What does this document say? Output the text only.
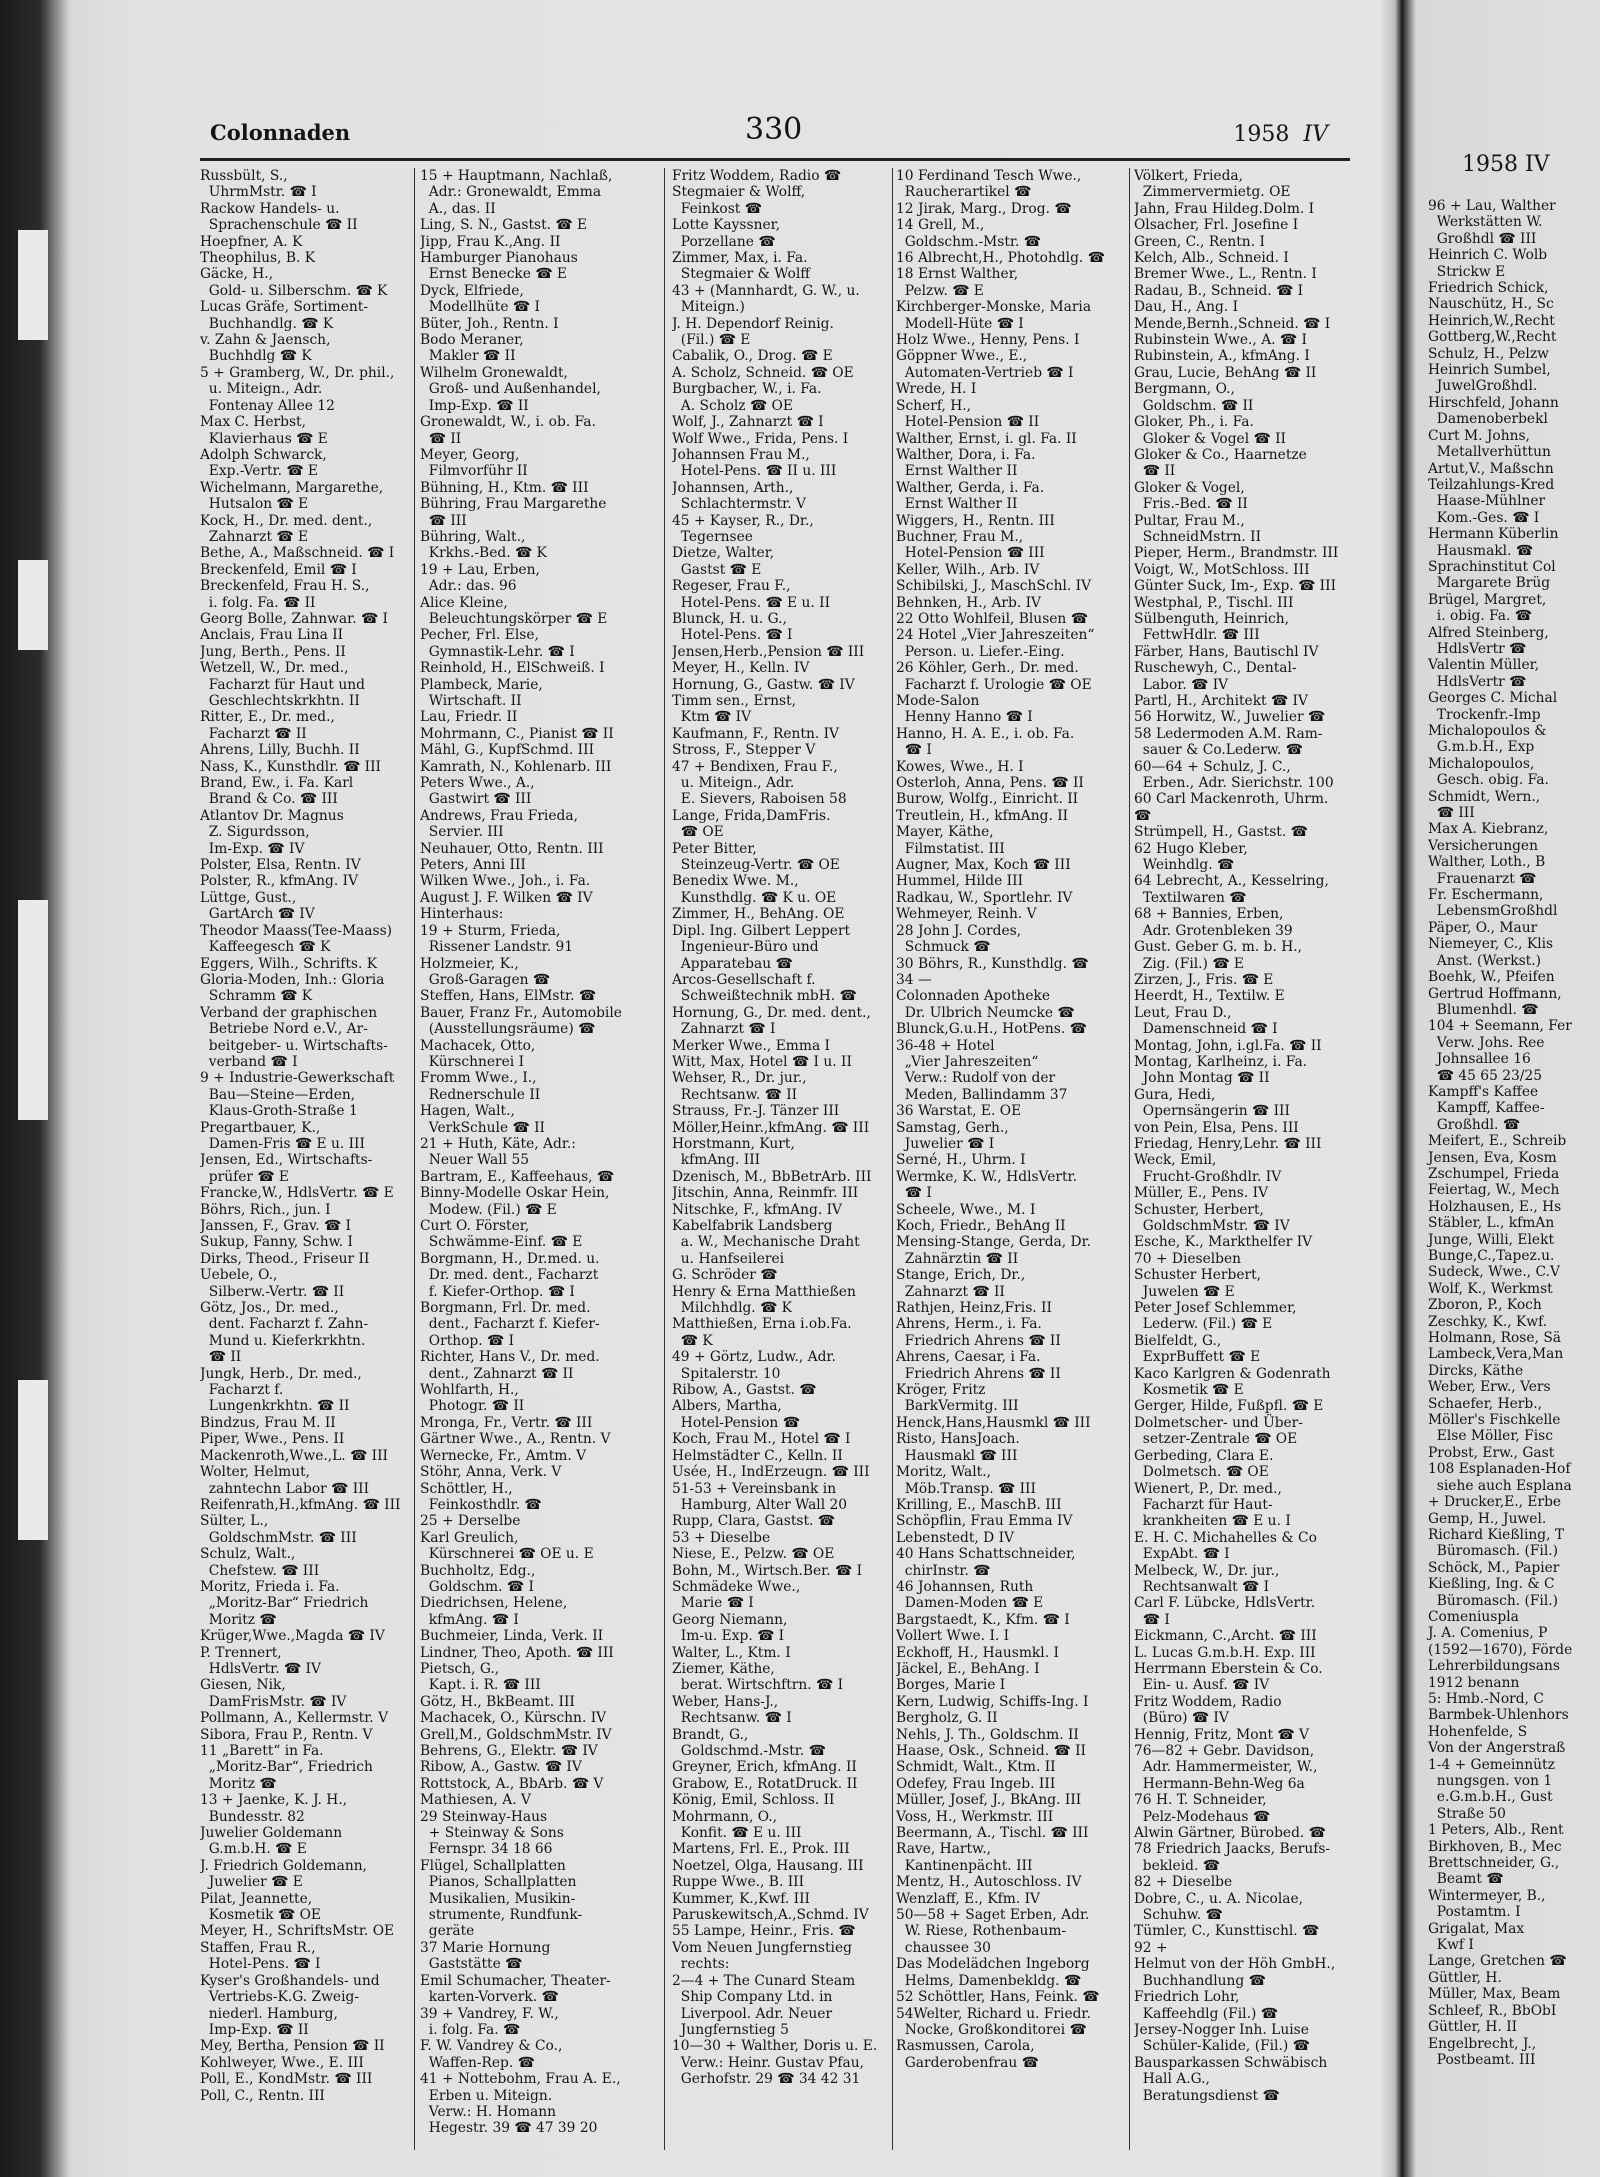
Colonnaden	330	1958 IV
Russbült, S.,
UhrmMstr. ☎ I
Rackow Handels- u.
Sprachenschule ☎ II
Hoepfner, A. K
Theophilus, B. K
Gäcke, H.,
Gold- u. Silberschm. ☎ K
Lucas Gräfe, Sortiment-
Buchhandlg. ☎ K
v. Zahn & Jaensch,
Buchhdlg ☎ K
5 + Gramberg, W., Dr. phil.,
u. Miteign., Adr.
Fontenay Allee 12
Max C. Herbst,
Klavierhaus ☎ E
Adolph Schwarck,
Exp.-Vertr. ☎ E
Wichelmann, Margarethe,
Hutsalon ☎ E
Kock, H., Dr. med. dent.,
Zahnarzt ☎ E
Bethe, A., Maßschneid. ☎ I
Breckenfeld, Emil ☎ I
Breckenfeld, Frau H. S.,
i. folg. Fa. ☎ II
Georg Bolle, Zahnwar. ☎ I
Anclais, Frau Lina II
Jung, Berth., Pens. II
Wetzell, W., Dr. med.,
Facharzt für Haut und
Geschlechtskrkhtn. II
Ritter, E., Dr. med.,
Facharzt ☎ II
Ahrens, Lilly, Buchh. II
Nass, K., Kunsthdlr. ☎ III
Brand, Ew., i. Fa. Karl
Brand & Co. ☎ III
Atlantov Dr. Magnus
Z. Sigurdsson,
Im-Exp. ☎ IV
Polster, Elsa, Rentn. IV
Polster, R., kfmAng. IV
Lüttge, Gust.,
GartArch ☎ IV
Theodor Maass(Tee-Maass)
Kaffeegesch ☎ K
Eggers, Wilh., Schrifts. K
Gloria-Moden, Inh.: Gloria
Schramm ☎ K
Verband der graphischen
Betriebe Nord e.V., Ar-
beitgeber- u. Wirtschafts-
verband ☎ I
9 + Industrie-Gewerkschaft
Bau—Steine—Erden,
Klaus-Groth-Straße 1
Pregartbauer, K.,
Damen-Fris ☎ E u. III
Jensen, Ed., Wirtschafts-
prüfer ☎ E
Francke,W., HdlsVertr. ☎ E
Böhrs, Rich., jun. I
Janssen, F., Grav. ☎ I
Sukup, Fanny, Schw. I
Dirks, Theod., Friseur II
Uebele, O.,
Silberw.-Vertr. ☎ II
Götz, Jos., Dr. med.,
dent. Facharzt f. Zahn-
Mund u. Kieferkrkhtn.
☎ II
Jungk, Herb., Dr. med.,
Facharzt f.
Lungenkrkhtn. ☎ II
Bindzus, Frau M. II
Piper, Wwe., Pens. II
Mackenroth,Wwe.,L. ☎ III
Wolter, Helmut,
zahntechn Labor ☎ III
Reifenrath,H.,kfmAng. ☎ III
Sülter, L.,
GoldschmMstr. ☎ III
Schulz, Walt.,
Chefstew. ☎ III
Moritz, Frieda i. Fa.
„Moritz-Bar“ Friedrich
Moritz ☎
Krüger,Wwe.,Magda ☎ IV
P. Trennert,
HdlsVertr. ☎ IV
Giesen, Nik,
DamFrisMstr. ☎ IV
Pollmann, A., Kellermstr. V
Sibora, Frau P., Rentn. V
11 „Barett“ in Fa.
„Moritz-Bar“, Friedrich
Moritz ☎
13 + Jaenke, K. J. H.,
Bundesstr. 82
Juwelier Goldemann
G.m.b.H. ☎ E
J. Friedrich Goldemann,
Juwelier ☎ E
Pilat, Jeannette,
Kosmetik ☎ OE
Meyer, H., SchriftsMstr. OE
Staffen, Frau R.,
Hotel-Pens. ☎ I
Kyser's Großhandels- und
Vertriebs-K.G. Zweig-
niederl. Hamburg,
Imp-Exp. ☎ II
Mey, Bertha, Pension ☎ II
Kohlweyer, Wwe., E. III
Poll, E., KondMstr. ☎ III
Poll, C., Rentn. III
15 + Hauptmann, Nachlaß,
Adr.: Gronewaldt, Emma
A., das. II
Ling, S. N., Gastst. ☎ E
Jipp, Frau K.,Ang. II
Hamburger Pianohaus
Ernst Benecke ☎ E
Dyck, Elfriede,
Modellhüte ☎ I
Büter, Joh., Rentn. I
Bodo Meraner,
Makler ☎ II
Wilhelm Gronewaldt,
Groß- und Außenhandel,
Imp-Exp. ☎ II
Gronewaldt, W., i. ob. Fa.
☎ II
Meyer, Georg,
Filmvorführ II
Bühning, H., Ktm. ☎ III
Bühring, Frau Margarethe
☎ III
Bühring, Walt.,
Krkhs.-Bed. ☎ K
19 + Lau, Erben,
Adr.: das. 96
Alice Kleine,
Beleuchtungskörper ☎ E
Pecher, Frl. Else,
Gymnastik-Lehr. ☎ I
Reinhold, H., ElSchweiß. I
Plambeck, Marie,
Wirtschaft. II
Lau, Friedr. II
Mohrmann, C., Pianist ☎ II
Mähl, G., KupfSchmd. III
Kamrath, N., Kohlenarb. III
Peters Wwe., A.,
Gastwirt ☎ III
Andrews, Frau Frieda,
Servier. III
Neuhauer, Otto, Rentn. III
Peters, Anni III
Wilken Wwe., Joh., i. Fa.
August J. F. Wilken ☎ IV
Hinterhaus:
19 + Sturm, Frieda,
Rissener Landstr. 91
Holzmeier, K.,
Groß-Garagen ☎
Steffen, Hans, ElMstr. ☎
Bauer, Franz Fr., Automobile
(Ausstellungsräume) ☎
Machacek, Otto,
Kürschnerei I
Fromm Wwe., I.,
Rednerschule II
Hagen, Walt.,
VerkSchule ☎ II
21 + Huth, Käte, Adr.:
Neuer Wall 55
Bartram, E., Kaffeehaus, ☎
Binny-Modelle Oskar Hein,
Modew. (Fil.) ☎ E
Curt O. Förster,
Schwämme-Einf. ☎ E
Borgmann, H., Dr.med. u.
Dr. med. dent., Facharzt
f. Kiefer-Orthop. ☎ I
Borgmann, Frl. Dr. med.
dent., Facharzt f. Kiefer-
Orthop. ☎ I
Richter, Hans V., Dr. med.
dent., Zahnarzt ☎ II
Wohlfarth, H.,
Photogr. ☎ II
Mronga, Fr., Vertr. ☎ III
Gärtner Wwe., A., Rentn. V
Wernecke, Fr., Amtm. V
Stöhr, Anna, Verk. V
Schöttler, H.,
Feinkosthdlr. ☎
25 + Derselbe
Karl Greulich,
Kürschnerei ☎ OE u. E
Buchholtz, Edg.,
Goldschm. ☎ I
Diedrichsen, Helene,
kfmAng. ☎ I
Buchmeier, Linda, Verk. II
Lindner, Theo, Apoth. ☎ III
Pietsch, G.,
Kapt. i. R. ☎ III
Götz, H., BkBeamt. III
Machacek, O., Kürschn. IV
Grell,M., GoldschmMstr. IV
Behrens, G., Elektr. ☎ IV
Ribow, A., Gastw. ☎ IV
Rottstock, A., BbArb. ☎ V
Mathiesen, A. V
29 Steinway-Haus
+ Steinway & Sons
Fernspr. 34 18 66
Flügel, Schallplatten
Pianos, Schallplatten
Musikalien, Musikin-
strumente, Rundfunk-
geräte
37 Marie Hornung
Gaststätte ☎
Emil Schumacher, Theater-
karten-Vorverk. ☎
39 + Vandrey, F. W.,
i. folg. Fa. ☎
F. W. Vandrey & Co.,
Waffen-Rep. ☎
41 + Nottebohm, Frau A. E.,
Erben u. Miteign.
Verw.: H. Homann
Hegestr. 39 ☎ 47 39 20
Fritz Woddem, Radio ☎
Stegmaier & Wolff,
Feinkost ☎
Lotte Kayssner,
Porzellane ☎
Zimmer, Max, i. Fa.
Stegmaier & Wolff
43 + (Mannhardt, G. W., u.
Miteign.)
J. H. Dependorf Reinig.
(Fil.) ☎ E
Cabalik, O., Drog. ☎ E
A. Scholz, Schneid. ☎ OE
Burgbacher, W., i. Fa.
A. Scholz ☎ OE
Wolf, J., Zahnarzt ☎ I
Wolf Wwe., Frida, Pens. I
Johannsen Frau M.,
Hotel-Pens. ☎ II u. III
Johannsen, Arth.,
Schlachtermstr. V
45 + Kayser, R., Dr.,
Tegernsee
Dietze, Walter,
Gastst ☎ E
Regeser, Frau F.,
Hotel-Pens. ☎ E u. II
Blunck, H. u. G.,
Hotel-Pens. ☎ I
Jensen,Herb.,Pension ☎ III
Meyer, H., Kelln. IV
Hornung, G., Gastw. ☎ IV
Timm sen., Ernst,
Ktm ☎ IV
Kaufmann, F., Rentn. IV
Stross, F., Stepper V
47 + Bendixen, Frau F.,
u. Miteign., Adr.
E. Sievers, Raboisen 58
Lange, Frida,DamFris.
☎ OE
Peter Bitter,
Steinzeug-Vertr. ☎ OE
Benedix Wwe. M.,
Kunsthdlg. ☎ K u. OE
Zimmer, H., BehAng. OE
Dipl. Ing. Gilbert Leppert
Ingenieur-Büro und
Apparatebau ☎
Arcos-Gesellschaft f.
Schweißtechnik mbH. ☎
Hornung, G., Dr. med. dent.,
Zahnarzt ☎ I
Merker Wwe., Emma I
Witt, Max, Hotel ☎ I u. II
Wehser, R., Dr. jur.,
Rechtsanw. ☎ II
Strauss, Fr.-J. Tänzer III
Möller,Heinr.,kfmAng. ☎ III
Horstmann, Kurt,
kfmAng. III
Dzenisch, M., BbBetrArb. III
Jitschin, Anna, Reinmfr. III
Nitschke, F., kfmAng. IV
Kabelfabrik Landsberg
a. W., Mechanische Draht
u. Hanfseilerei
G. Schröder ☎
Henry & Erna Matthießen
Milchhdlg. ☎ K
Matthießen, Erna i.ob.Fa.
☎ K
49 + Görtz, Ludw., Adr.
Spitalerstr. 10
Ribow, A., Gastst. ☎
Albers, Martha,
Hotel-Pension ☎
Koch, Frau M., Hotel ☎ I
Helmstädter C., Kelln. II
Usée, H., IndErzeugn. ☎ III
51-53 + Vereinsbank in
Hamburg, Alter Wall 20
Rupp, Clara, Gastst. ☎
53 + Dieselbe
Niese, E., Pelzw. ☎ OE
Bohn, M., Wirtsch.Ber. ☎ I
Schmädeke Wwe.,
Marie ☎ I
Georg Niemann,
Im-u. Exp. ☎ I
Walter, L., Ktm. I
Ziemer, Käthe,
berat. Wirtschftrn. ☎ I
Weber, Hans-J.,
Rechtsanw. ☎ I
Brandt, G.,
Goldschmd.-Mstr. ☎
Greyner, Erich, kfmAng. II
Grabow, E., RotatDruck. II
König, Emil, Schloss. II
Mohrmann, O.,
Konfit. ☎ E u. III
Martens, Frl. E., Prok. III
Noetzel, Olga, Hausang. III
Ruppe Wwe., B. III
Kummer, K.,Kwf. III
Paruskewitsch,A.,Schmd. IV
55 Lampe, Heinr., Fris. ☎
Vom Neuen Jungfernstieg
rechts:
2—4 + The Cunard Steam
Ship Company Ltd. in
Liverpool. Adr. Neuer
Jungfernstieg 5
10—30 + Walther, Doris u. E.
Verw.: Heinr. Gustav Pfau,
Gerhofstr. 29 ☎ 34 42 31
10 Ferdinand Tesch Wwe.,
Raucherartikel ☎
12 Jirak, Marg., Drog. ☎
14 Grell, M.,
Goldschm.-Mstr. ☎
16 Albrecht,H., Photohdlg. ☎
18 Ernst Walther,
Pelzw. ☎ E
Kirchberger-Monske, Maria
Modell-Hüte ☎ I
Holz Wwe., Henny, Pens. I
Göppner Wwe., E.,
Automaten-Vertrieb ☎ I
Wrede, H. I
Scherf, H.,
Hotel-Pension ☎ II
Walther, Ernst, i. gl. Fa. II
Walther, Dora, i. Fa.
Ernst Walther II
Walther, Gerda, i. Fa.
Ernst Walther II
Wiggers, H., Rentn. III
Buchner, Frau M.,
Hotel-Pension ☎ III
Keller, Wilh., Arb. IV
Schibilski, J., MaschSchl. IV
Behnken, H., Arb. IV
22 Otto Wohlfeil, Blusen ☎
24 Hotel „Vier Jahreszeiten“
Person. u. Liefer.-Eing.
26 Köhler, Gerh., Dr. med.
Facharzt f. Urologie ☎ OE
Mode-Salon
Henny Hanno ☎ I
Hanno, H. A. E., i. ob. Fa.
☎ I
Kowes, Wwe., H. I
Osterloh, Anna, Pens. ☎ II
Burow, Wolfg., Einricht. II
Treutlein, H., kfmAng. II
Mayer, Käthe,
Filmstatist. III
Augner, Max, Koch ☎ III
Hummel, Hilde III
Radkau, W., Sportlehr. IV
Wehmeyer, Reinh. V
28 John J. Cordes,
Schmuck ☎
30 Böhrs, R., Kunsthdlg. ☎
34 —
Colonnaden Apotheke
Dr. Ulbrich Neumcke ☎
Blunck,G.u.H., HotPens. ☎
36-48 + Hotel
„Vier Jahreszeiten“
Verw.: Rudolf von der
Meden, Ballindamm 37
36 Warstat, E. OE
Samstag, Gerh.,
Juwelier ☎ I
Serné, H., Uhrm. I
Wermke, K. W., HdlsVertr.
☎ I
Scheele, Wwe., M. I
Koch, Friedr., BehAng II
Mensing-Stange, Gerda, Dr.
Zahnärztin ☎ II
Stange, Erich, Dr.,
Zahnarzt ☎ II
Rathjen, Heinz,Fris. II
Ahrens, Herm., i. Fa.
Friedrich Ahrens ☎ II
Ahrens, Caesar, i Fa.
Friedrich Ahrens ☎ II
Kröger, Fritz
BarkVermitg. III
Henck,Hans,Hausmkl ☎ III
Risto, HansJoach.
Hausmakl ☎ III
Moritz, Walt.,
Möb.Transp. ☎ III
Krilling, E., MaschB. III
Schöpflin, Frau Emma IV
Lebenstedt, D IV
40 Hans Schattschneider,
chirInstr. ☎
46 Johannsen, Ruth
Damen-Moden ☎ E
Bargstaedt, K., Kfm. ☎ I
Vollert Wwe. I. I
Eckhoff, H., Hausmkl. I
Jäckel, E., BehAng. I
Borges, Marie I
Kern, Ludwig, Schiffs-Ing. I
Bergholz, G. II
Nehls, J. Th., Goldschm. II
Haase, Osk., Schneid. ☎ II
Schmidt, Walt., Ktm. II
Odefey, Frau Ingeb. III
Müller, Josef, J., BkAng. III
Voss, H., Werkmstr. III
Beermann, A., Tischl. ☎ III
Rave, Hartw.,
Kantinenpächt. III
Mentz, H., Autoschloss. IV
Wenzlaff, E., Kfm. IV
50—58 + Saget Erben, Adr.
W. Riese, Rothenbaum-
chaussee 30
Das Modelädchen Ingeborg
Helms, Damenbekldg. ☎
52 Schöttler, Hans, Feink. ☎
54Welter, Richard u. Friedr.
Nocke, Großkonditorei ☎
Rasmussen, Carola,
Garderobenfrau ☎
Völkert, Frieda,
Zimmervermietg. OE
Jahn, Frau Hildeg.Dolm. I
Olsacher, Frl. Josefine I
Green, C., Rentn. I
Kelch, Alb., Schneid. I
Bremer Wwe., L., Rentn. I
Radau, B., Schneid. ☎ I
Dau, H., Ang. I
Mende,Bernh.,Schneid. ☎ I
Rubinstein Wwe., A. ☎ I
Rubinstein, A., kfmAng. I
Grau, Lucie, BehAng ☎ II
Bergmann, O.,
Goldschm. ☎ II
Gloker, Ph., i. Fa.
Gloker & Vogel ☎ II
Gloker & Co., Haarnetze
☎ II
Gloker & Vogel,
Fris.-Bed. ☎ II
Pultar, Frau M.,
SchneidMstrn. II
Pieper, Herm., Brandmstr. III
Voigt, W., MotSchloss. III
Günter Suck, Im-, Exp. ☎ III
Westphal, P., Tischl. III
Sülbenguth, Heinrich,
FettwHdlr. ☎ III
Färber, Hans, Bautischl IV
Ruschewyh, C., Dental-
Labor. ☎ IV
Partl, H., Architekt ☎ IV
56 Horwitz, W., Juwelier ☎
58 Ledermoden A.M. Ram-
sauer & Co.Lederw. ☎
60—64 + Schulz, J. C.,
Erben., Adr. Sierichstr. 100
60 Carl Mackenroth, Uhrm. ☎
Strümpell, H., Gastst. ☎
62 Hugo Kleber,
Weinhdlg. ☎
64 Lebrecht, A., Kesselring,
Textilwaren ☎
68 + Bannies, Erben,
Adr. Grotenbleken 39
Gust. Geber G. m. b. H.,
Zig. (Fil.) ☎ E
Zirzen, J., Fris. ☎ E
Heerdt, H., Textilw. E
Leut, Frau D.,
Damenschneid ☎ I
Montag, John, i.gl.Fa. ☎ II
Montag, Karlheinz, i. Fa.
John Montag ☎ II
Gura, Hedi,
Opernsängerin ☎ III
von Pein, Elsa, Pens. III
Friedag, Henry,Lehr. ☎ III
Weck, Emil,
Frucht-Großhdlr. IV
Müller, E., Pens. IV
Schuster, Herbert,
GoldschmMstr. ☎ IV
Esche, K., Markthelfer IV
70 + Dieselben
Schuster Herbert,
Juwelen ☎ E
Peter Josef Schlemmer,
Lederw. (Fil.) ☎ E
Bielfeldt, G.,
ExprBuffett ☎ E
Kaco Karlgren & Godenrath
Kosmetik ☎ E
Gerger, Hilde, Fußpfl. ☎ E
Dolmetscher- und Über-
setzer-Zentrale ☎ OE
Gerbeding, Clara E.
Dolmetsch. ☎ OE
Wienert, P., Dr. med.,
Facharzt für Haut-
krankheiten ☎ E u. I
E. H. C. Michahelles & Co
ExpAbt. ☎ I
Melbeck, W., Dr. jur.,
Rechtsanwalt ☎ I
Carl F. Lübcke, HdlsVertr.
☎ I
Eickmann, C.,Archt. ☎ III
L. Lucas G.m.b.H. Exp. III
Herrmann Eberstein & Co.
Ein- u. Ausf. ☎ IV
Fritz Woddem, Radio
(Büro) ☎ IV
Hennig, Fritz, Mont ☎ V
76—82 + Gebr. Davidson,
Adr. Hammermeister, W.,
Hermann-Behn-Weg 6a
76 H. T. Schneider,
Pelz-Modehaus ☎
Alwin Gärtner, Bürobed. ☎
78 Friedrich Jaacks, Berufs-
bekleid. ☎
82 + Dieselbe
Dobre, C., u. A. Nicolae,
Schuhw. ☎
Tümler, C., Kunsttischl. ☎
92 +
Helmut von der Höh GmbH.,
Buchhandlung ☎
Friedrich Lohr,
Kaffeehdlg (Fil.) ☎
Jersey-Nogger Inh. Luise
Schüler-Kalide, (Fil.) ☎
Bausparkassen Schwäbisch
Hall A.G.,
Beratungsdienst ☎
1958 IV
96 + Lau, Walther
Werkstätten W.
Großhdl ☎ III
Heinrich C. Wolb
Strickw E
Friedrich Schick,
Nauschütz, H., Sc
Heinrich,W.,Recht
Gottberg,W.,Recht
Schulz, H., Pelzw
Heinrich Sumbel,
JuwelGroßhdl.
Hirschfeld, Johann
Damenoberbekl
Curt M. Johns,
Metallverhüttun
Artut,V., Maßschn
Teilzahlungs-Kred
Haase-Mühlner
Kom.-Ges. ☎ I
Hermann Küberlin
Hausmakl. ☎
Sprachinstitut Col
Margarete Brüg
Brügel, Margret,
i. obig. Fa. ☎
Alfred Steinberg,
HdlsVertr ☎
Valentin Müller,
HdlsVertr ☎
Georges C. Michal
Trockenfr.-Imp
Michalopoulos &
G.m.b.H., Exp
Michalopoulos,
Gesch. obig. Fa.
Schmidt, Wern.,
☎ III
Max A. Kiebranz,
Versicherungen
Walther, Loth., B
Frauenarzt ☎
Fr. Eschermann,
LebensmGroßhdl
Päper, O., Maur
Niemeyer, C., Klis
Anst. (Werkst.)
Boehk, W., Pfeifen
Gertrud Hoffmann,
Blumenhdl. ☎
104 + Seemann, Fer
Verw. Johs. Ree
Johnsallee 16
☎ 45 65 23/25
Kampff's Kaffee
Kampff, Kaffee-
Großhdl. ☎
Meifert, E., Schreib
Jensen, Eva, Kosm
Zschumpel, Frieda
Feiertag, W., Mech
Holzhausen, E., Hs
Stäbler, L., kfmAn
Junge, Willi, Elekt
Bunge,C.,Tapez.u.
Sudeck, Wwe., C.V
Wolf, K., Werkmst
Zboron, P., Koch
Zeschky, K., Kwf.
Holmann, Rose, Sä
Lambeck,Vera,Man
Dircks, Käthe
Weber, Erw., Vers
Schaefer, Herb.,
Möller's Fischkelle
Else Möller, Fisc
Probst, Erw., Gast
108 Esplanaden-Hof
siehe auch Esplana
+ Drucker,E., Erbe
Gemp, H., Juwel.
Richard Kießling, T
Büromasch. (Fil.)
Schöck, M., Papier
Kießling, Ing. & C
Büromasch. (Fil.)
Comeniuspla
J. A. Comenius, P
(1592—1670), Förde
Lehrerbildungsans
1912 benann
5: Hmb.-Nord, C
Barmbek-Uhlenhors
Hohenfelde, S
Von der Angerstraß
1-4 + Gemeinnütz
nungsgen. von 1
e.G.m.b.H., Gust
Straße 50
1 Peters, Alb., Rent
Birkhoven, B., Mec
Brettschneider, G.,
Beamt ☎
Wintermeyer, B.,
Postamtm. I
Grigalat, Max
Kwf I
Lange, Gretchen ☎
Güttler, H.
Müller, Max, Beam
Schleef, R., BbObI
Güttler, H. II
Engelbrecht, J.,
Postbeamt. III
